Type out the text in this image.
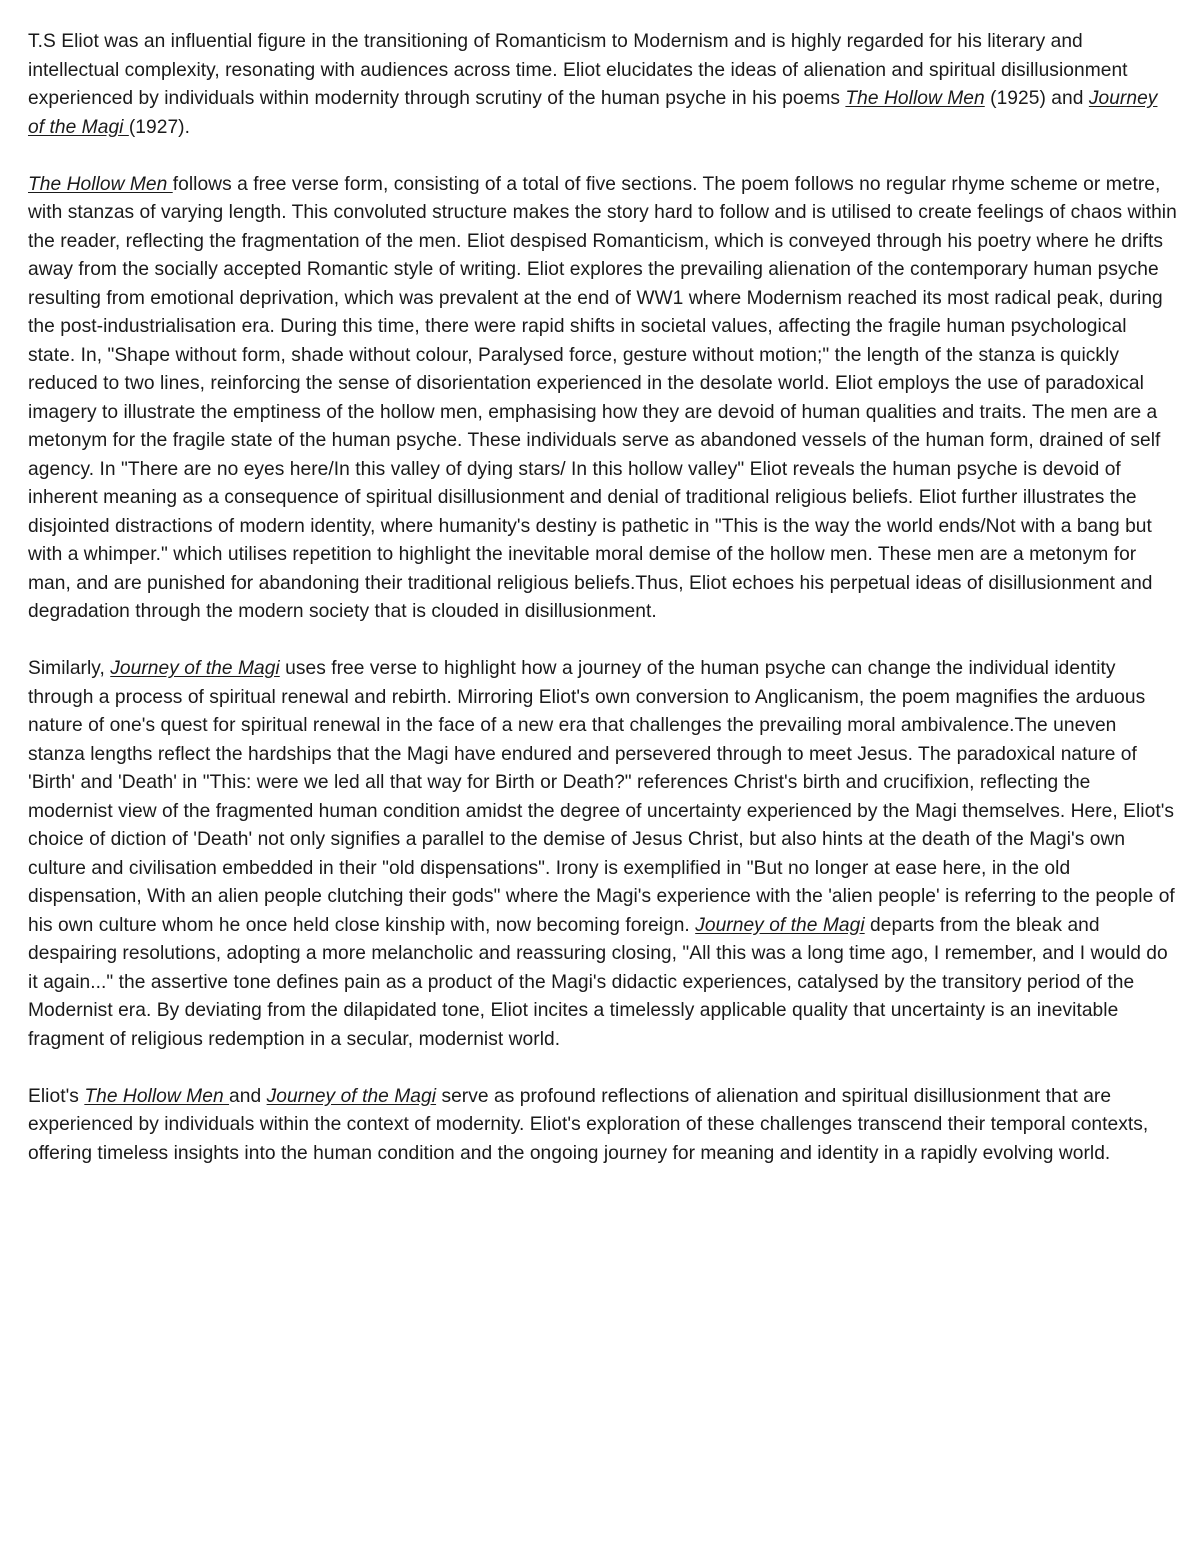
T.S Eliot was an influential figure in the transitioning of Romanticism to Modernism and is highly regarded for his literary and intellectual complexity, resonating with audiences across time. Eliot elucidates the ideas of alienation and spiritual disillusionment experienced by individuals within modernity through scrutiny of the human psyche in his poems The Hollow Men (1925) and Journey of the Magi (1927).

The Hollow Men follows a free verse form, consisting of a total of five sections. The poem follows no regular rhyme scheme or metre, with stanzas of varying length. This convoluted structure makes the story hard to follow and is utilised to create feelings of chaos within the reader, reflecting the fragmentation of the men. Eliot despised Romanticism, which is conveyed through his poetry where he drifts away from the socially accepted Romantic style of writing. Eliot explores the prevailing alienation of the contemporary human psyche resulting from emotional deprivation, which was prevalent at the end of WW1 where Modernism reached its most radical peak, during the post-industrialisation era. During this time, there were rapid shifts in societal values, affecting the fragile human psychological state. In, "Shape without form, shade without colour, Paralysed force, gesture without motion;" the length of the stanza is quickly reduced to two lines, reinforcing the sense of disorientation experienced in the desolate world. Eliot employs the use of paradoxical imagery to illustrate the emptiness of the hollow men, emphasising how they are devoid of human qualities and traits. The men are a metonym for the fragile state of the human psyche. These individuals serve as abandoned vessels of the human form, drained of self agency. In "There are no eyes here/In this valley of dying stars/ In this hollow valley" Eliot reveals the human psyche is devoid of inherent meaning as a consequence of spiritual disillusionment and denial of traditional religious beliefs. Eliot further illustrates the disjointed distractions of modern identity, where humanity's destiny is pathetic in "This is the way the world ends/Not with a bang but with a whimper." which utilises repetition to highlight the inevitable moral demise of the hollow men. These men are a metonym for man, and are punished for abandoning their traditional religious beliefs.Thus, Eliot echoes his perpetual ideas of disillusionment and degradation through the modern society that is clouded in disillusionment.

Similarly, Journey of the Magi uses free verse to highlight how a journey of the human psyche can change the individual identity through a process of spiritual renewal and rebirth. Mirroring Eliot's own conversion to Anglicanism, the poem magnifies the arduous nature of one's quest for spiritual renewal in the face of a new era that challenges the prevailing moral ambivalence.The uneven stanza lengths reflect the hardships that the Magi have endured and persevered through to meet Jesus. The paradoxical nature of 'Birth' and 'Death' in "This: were we led all that way for Birth or Death?" references Christ's birth and crucifixion, reflecting the modernist view of the fragmented human condition amidst the degree of uncertainty experienced by the Magi themselves. Here, Eliot's choice of diction of 'Death' not only signifies a parallel to the demise of Jesus Christ, but also hints at the death of the Magi's own culture and civilisation embedded in their "old dispensations". Irony is exemplified in "But no longer at ease here, in the old dispensation, With an alien people clutching their gods" where the Magi's experience with the 'alien people' is referring to the people of his own culture whom he once held close kinship with, now becoming foreign. Journey of the Magi departs from the bleak and despairing resolutions, adopting a more melancholic and reassuring closing, "All this was a long time ago, I remember, and I would do it again..." the assertive tone defines pain as a product of the Magi's didactic experiences, catalysed by the transitory period of the Modernist era. By deviating from the dilapidated tone, Eliot incites a timelessly applicable quality that uncertainty is an inevitable fragment of religious redemption in a secular, modernist world.

Eliot's The Hollow Men and Journey of the Magi serve as profound reflections of alienation and spiritual disillusionment that are experienced by individuals within the context of modernity. Eliot's exploration of these challenges transcend their temporal contexts, offering timeless insights into the human condition and the ongoing journey for meaning and identity in a rapidly evolving world.
